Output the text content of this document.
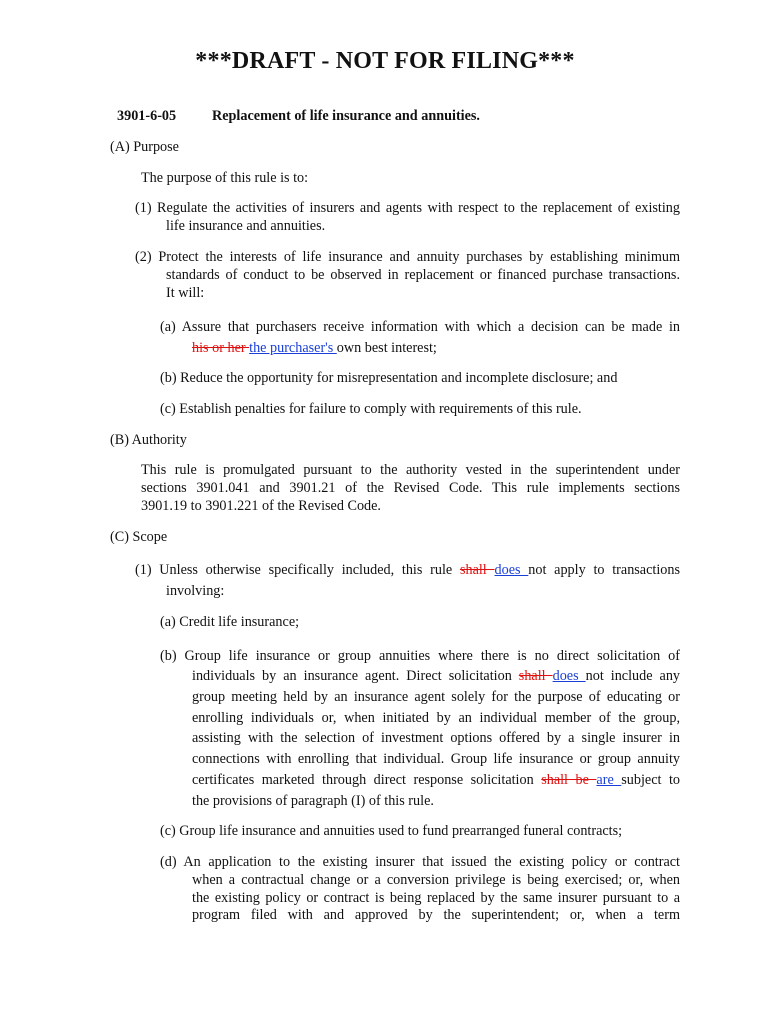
***DRAFT - NOT FOR FILING***
3901-6-05	Replacement of life insurance and annuities.
(A) Purpose
The purpose of this rule is to:
(1) Regulate the activities of insurers and agents with respect to the replacement of existing
life insurance and annuities.
(2) Protect the interests of life insurance and annuity purchases by establishing minimum
standards of conduct to be observed in replacement or financed purchase transactions.
It will:
(a) Assure that purchasers receive information with which a decision can be made in
his or her the purchaser's own best interest;
(b) Reduce the opportunity for misrepresentation and incomplete disclosure; and
(c) Establish penalties for failure to comply with requirements of this rule.
(B) Authority
This rule is promulgated pursuant to the authority vested in the superintendent under
sections 3901.041 and 3901.21 of the Revised Code. This rule implements sections
3901.19 to 3901.221 of the Revised Code.
(C) Scope
(1) Unless otherwise specifically included, this rule shall does not apply to transactions
involving:
(a) Credit life insurance;
(b) Group life insurance or group annuities where there is no direct solicitation of
individuals by an insurance agent. Direct solicitation shall does not include any
group meeting held by an insurance agent solely for the purpose of educating or
enrolling individuals or, when initiated by an individual member of the group,
assisting with the selection of investment options offered by a single insurer in
connections with enrolling that individual. Group life insurance or group annuity
certificates marketed through direct response solicitation shall be are subject to
the provisions of paragraph (I) of this rule.
(c) Group life insurance and annuities used to fund prearranged funeral contracts;
(d) An application to the existing insurer that issued the existing policy or contract
when a contractual change or a conversion privilege is being exercised; or, when
the existing policy or contract is being replaced by the same insurer pursuant to a
program filed with and approved by the superintendent; or, when a term
